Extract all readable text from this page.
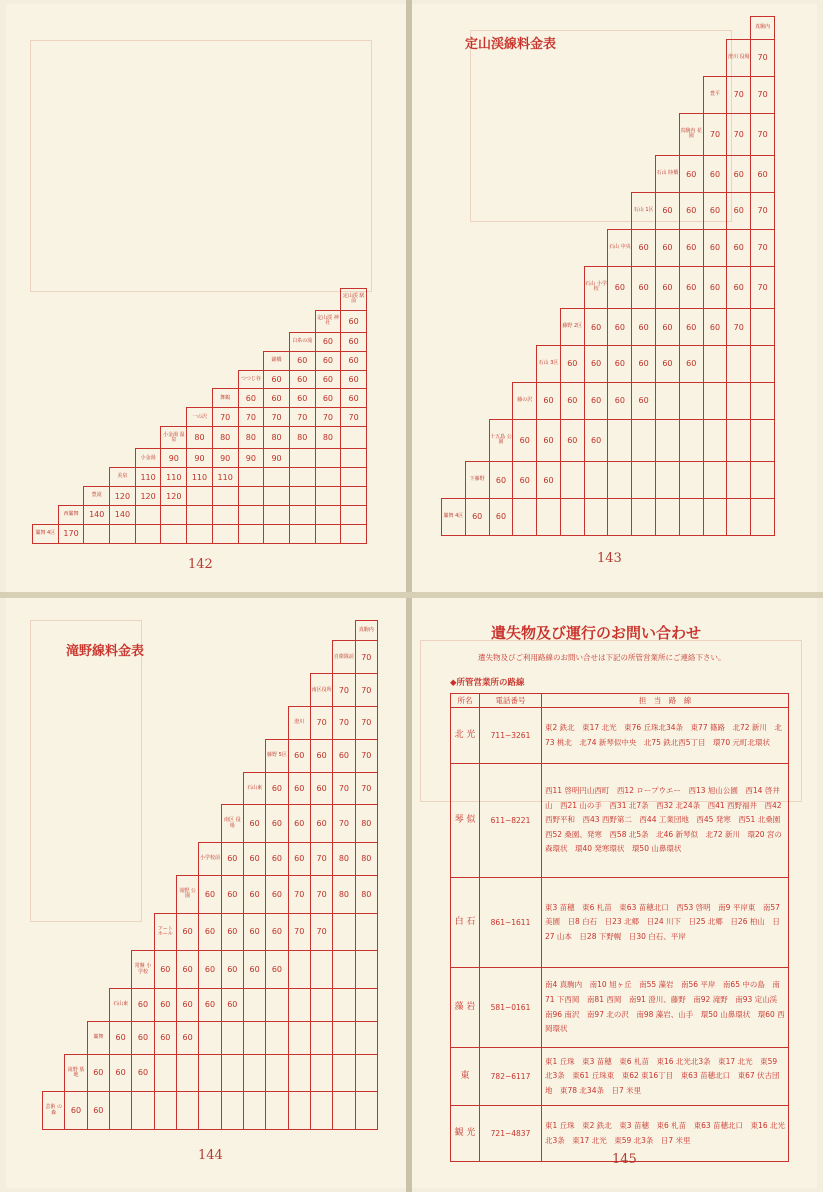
定山渓線料金表
滝野線料金表
142	143
144	145
												定山渓 駅前
											定山渓 神社	60
										白糸の滝	60	60
									錦橋	60	60	60
								つつじ谷	60	60	60	60
							舞鶴	60	60	60	60	60
						一の沢	70	70	70	70	70	70
					小金湯 温泉	80	80	80	80	80	80	
				小金湯	90	90	90	90	90			
			美泉	110	110	110	110					
		豊滝	120	120	120							
	西簾舞	140	140									
簾舞 4区	170											
													真駒内
												澄川 役場	70
											豊平	70	70
										真駒内 花園	70	70	70
									石山 陸橋	60	60	60	60
								石山 1区	60	60	60	60	70
							石山 中央	60	60	60	60	60	70
						石山 小学校	60	60	60	60	60	60	70
					藤野 2区	60	60	60	60	60	60	70	
				石山 3区	60	60	60	60	60	60			
			藤の沢	60	60	60	60	60					
		十五島 公園	60	60	60	60							
	下藤野	60	60	60									
簾舞 4区	60	60											
														真駒内
													自衛隊前	70
												南区役所	70	70
											澄川	70	70	70
										藤野 5区	60	60	60	70
									石山東	60	60	60	70	70
								南区 役場	60	60	60	60	70	80
							小学校前	60	60	60	60	70	80	80
						滝野 公園	60	60	60	60	70	70	80	80
					アート ホール	60	60	60	60	60	70	70		
				常盤 小学校	60	60	60	60	60	60				
			石山東	60	60	60	60	60						
		簾舞	60	60	60	60								
	滝野 墓地	60	60	60										
芸術 の森	60	60												
遺失物及び運行のお問い合わせ
遺失物及びご利用路線のお問い合せは下記の所管営業所にご連絡下さい。
◆所管営業所の路線
所名	電話番号	担　当　路　線
北 光	711−3261	東2 鉄北　東17 北光　東76 丘珠北34条　東77 篠路　北72 新川　北73 桃北　北74 新琴似中央　北75 鉄北西5丁目　環70 元町北環状
琴 似	611−8221	西11 啓明円山西町　西12 ロープウエー　西13 旭山公園　西14 啓井山　西21 山の手　西31 北7条　西32 北24条　西41 西野福井　西42 西野平和　西43 西野第二　西44 工業団地　西45 発寒　西51 北桑園　西52 桑園、発寒　西58 北5条　北46 新琴似　北72 新川　環20 宮の森環状　環40 発寒環状　環50 山鼻環状
白 石	861−1611	東3 苗穂　東6 札苗　東63 苗穂北口　西53 啓明　南9 平岸東　南57 美園　日8 白石　日23 北郷　日24 川下　日25 北郷　日26 柏山　日27 山本　日28 下野幌　日30 白石、平岸
藻 岩	581−0161	南4 真駒内　南10 旭ヶ丘　南55 藻岩　南56 平岸　南65 中の島　南71 下西岡　南81 西岡　南91 澄川、藤野　南92 滝野　南93 定山渓　南96 南沢　南97 北の沢　南98 藻岩、山手　環50 山鼻環状　環60 西岡環状
東	782−6117	東1 丘珠　東3 苗穂　東6 札苗　東16 北光北3条　東17 北光　東59 北3条　東61 丘珠東　東62 東16丁目　東63 苗穂北口　東67 伏古団地　東78 北34条　日7 米里
観 光	721−4837	東1 丘珠　東2 鉄北　東3 苗穂　東6 札苗　東63 苗穂北口　東16 北光北3条　東17 北光　東59 北3条　日7 米里
